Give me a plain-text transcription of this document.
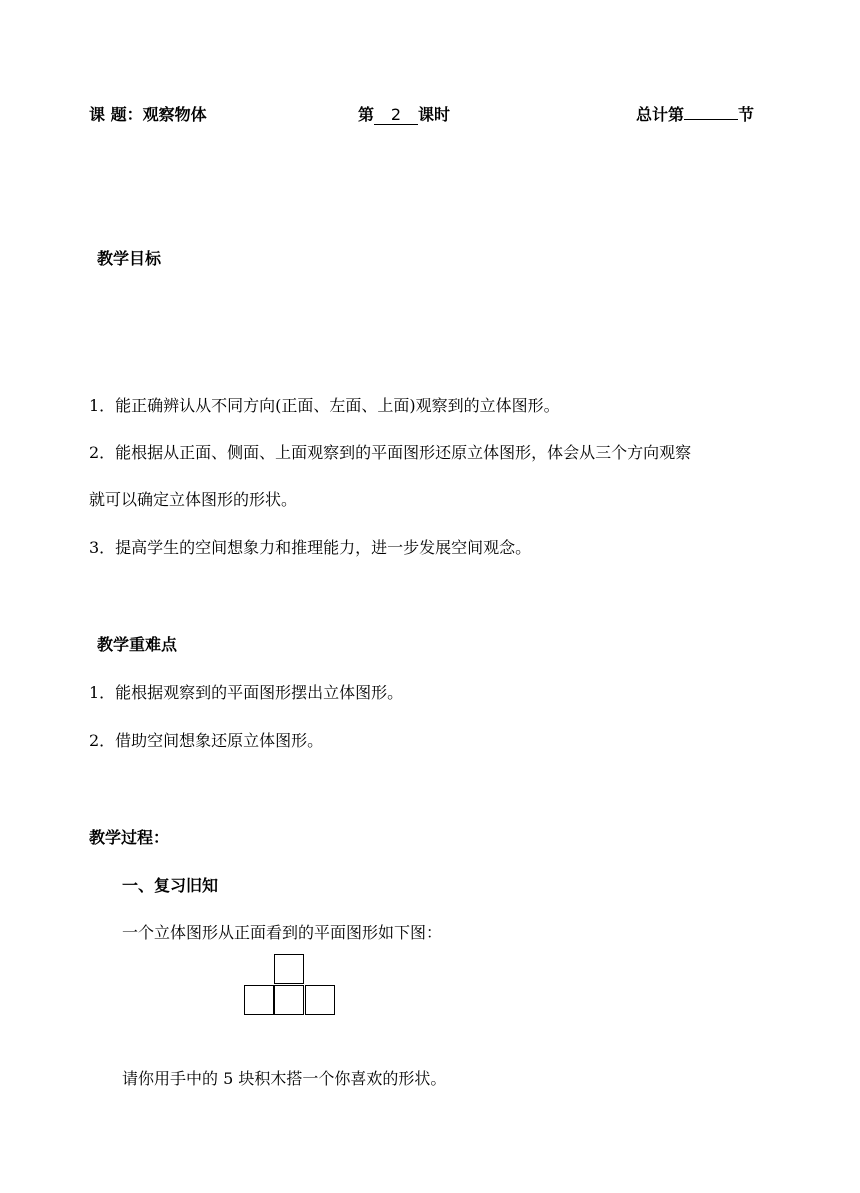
课 题：观察物体	第 2 课时	总计第	节
教学目标
1．能正确辨认从不同方向(正面、左面、上面)观察到的立体图形。
2．能根据从正面、侧面、上面观察到的平面图形还原立体图形，体会从三个方向观察
就可以确定立体图形的形状。
3．提高学生的空间想象力和推理能力，进一步发展空间观念。
教学重难点
1．能根据观察到的平面图形摆出立体图形。
2．借助空间想象还原立体图形。
教学过程：
一、复习旧知
一个立体图形从正面看到的平面图形如下图：
请你用手中的 5 块积木搭一个你喜欢的形状。
